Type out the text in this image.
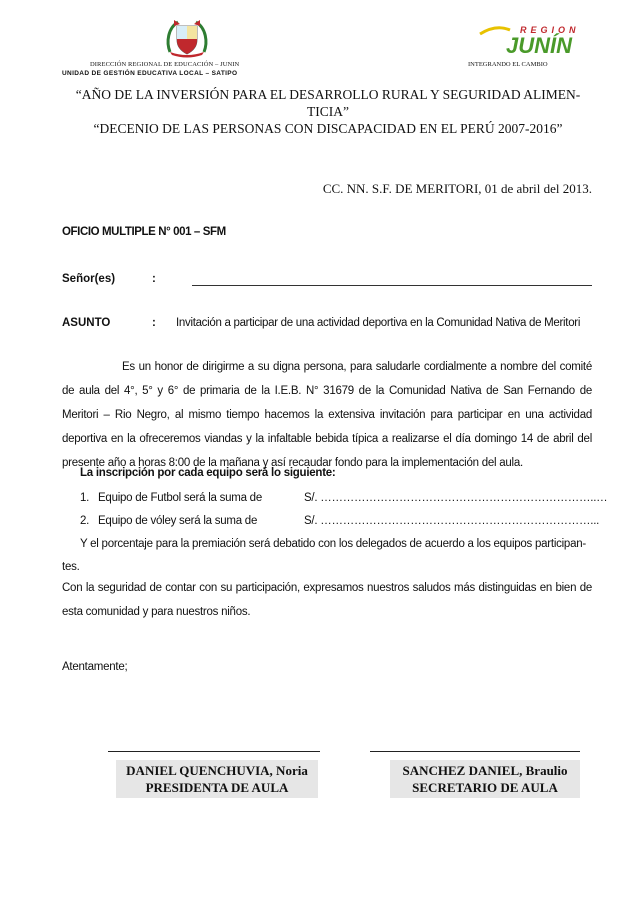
DIRECCIÓN REGIONAL DE EDUCACIÓN – JUNIN
UNIDAD DE GESTIÓN EDUCATIVA LOCAL – SATIPO
REGION
JUNÍN
INTEGRANDO EL CAMBIO
“AÑO DE LA INVERSIÓN PARA EL DESARROLLO RURAL Y SEGURIDAD ALIMEN-
TICIA”
“DECENIO DE LAS PERSONAS CON DISCAPACIDAD EN EL PERÚ 2007-2016”
CC. NN. S.F. DE MERITORI, 01 de abril del 2013.
OFICIO MULTIPLE N° 001 – SFM
Señor(es)	:
ASUNTO	: Invitación a participar de una actividad deportiva en la Comunidad Nativa de Meritori

Es un honor de dirigirme a su digna persona, para saludarle cordialmente a nombre del comité de aula del 4°, 5° y 6° de primaria de la I.E.B. N° 31679 de la Comunidad Nativa de San Fernando de Meritori – Rio Negro, al mismo tiempo hacemos la extensiva invitación para participar en una actividad deportiva en la ofreceremos viandas y la infaltable bebida típica a realizarse el día domingo 14 de abril del presente año a horas 8:00 de la mañana y así recaudar fondo para la implementación del aula.

La inscripción por cada equipo será lo siguiente:
1. Equipo de Futbol será la suma de	S/. ………………………………………………………………..…
2. Equipo de vóley será la suma de	S/. ………………………………………………………………...
Y el porcentaje para la premiación será debatido con los delegados de acuerdo a los equipos participan-
tes.

Con la seguridad de contar con su participación, expresamos nuestros saludos más distinguidas en bien de esta comunidad y para nuestros niños.

Atentamente;
DANIEL QUENCHUVIA, Noria
PRESIDENTA DE AULA
SANCHEZ DANIEL, Braulio
SECRETARIO DE AULA
